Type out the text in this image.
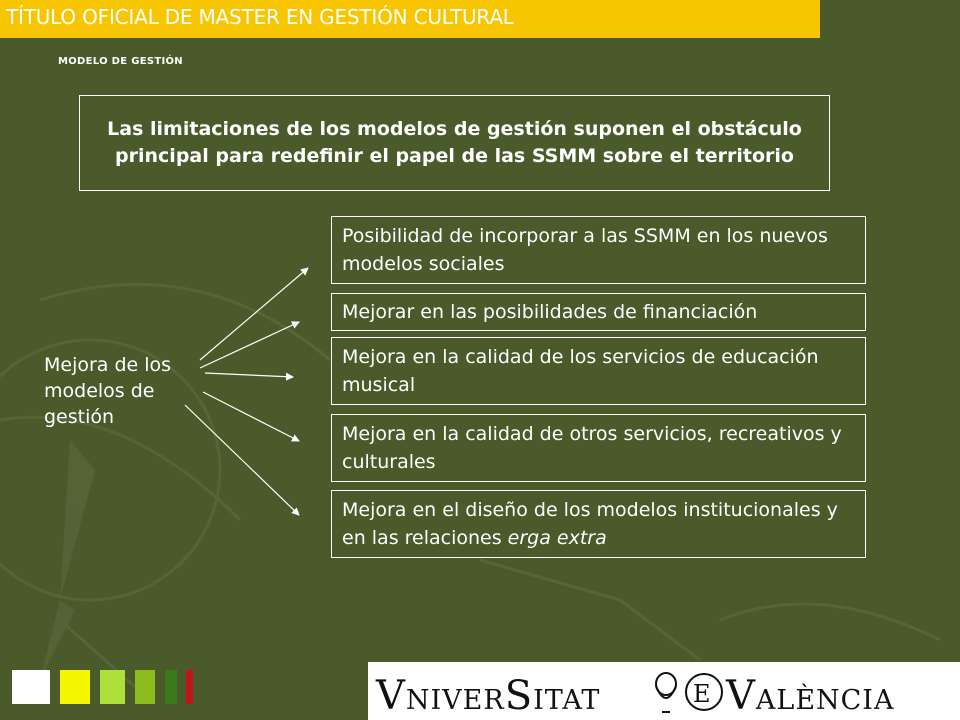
TÍTULO OFICIAL DE MASTER EN GESTIÓN CULTURAL
MODELO DE GESTIÓN
Las limitaciones de los modelos de gestión suponen el obstáculo principal para redefinir el papel de las SSMM sobre el territorio
Mejora de los modelos de gestión
Posibilidad de incorporar a las SSMM en los nuevos modelos sociales
Mejorar en las posibilidades de financiación
Mejora en la calidad de los servicios de educación musical
Mejora en la calidad de otros servicios, recreativos y culturales
Mejora en el diseño de los modelos institucionales y en las relaciones erga extra
VNIVERSITAT	E VALÈNCIA
